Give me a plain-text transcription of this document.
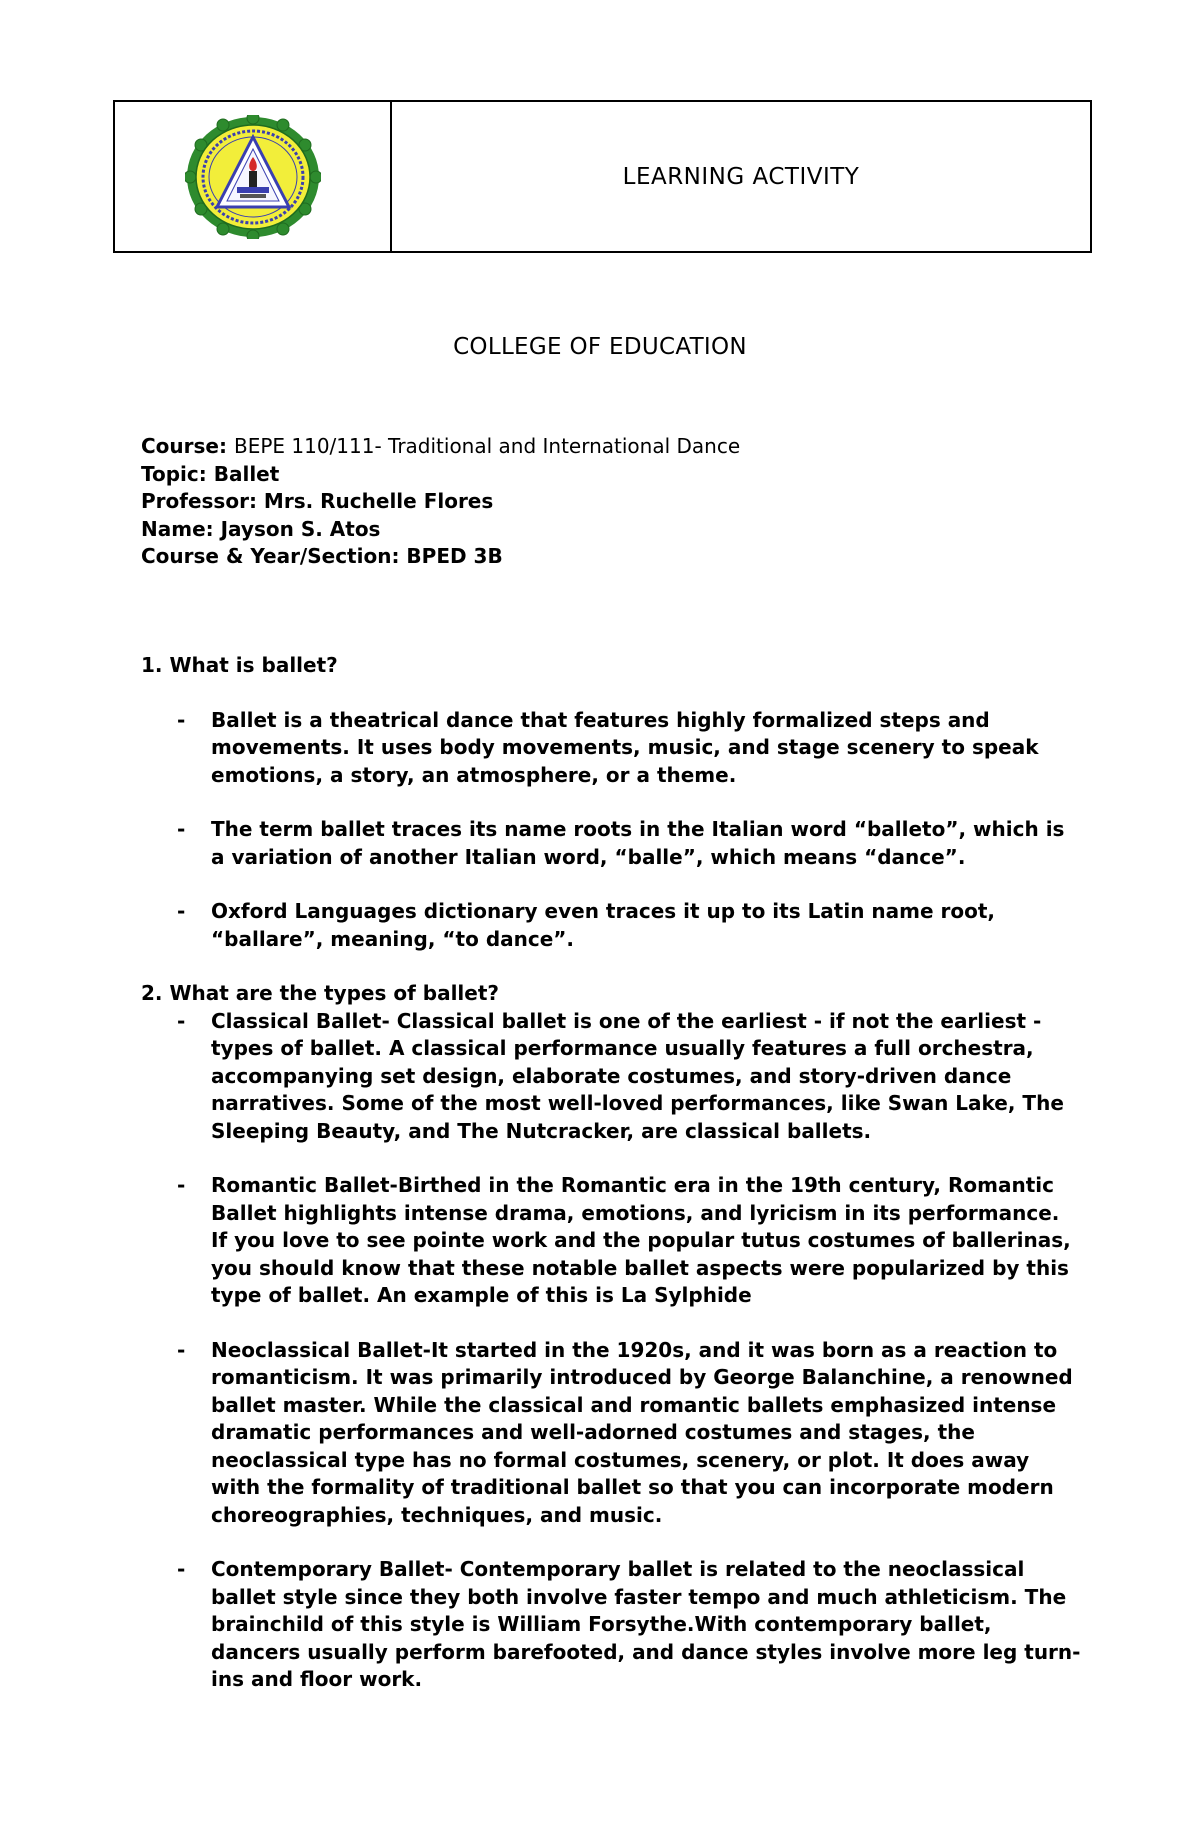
LEARNING ACTIVITY
COLLEGE OF EDUCATION
Course: BEPE 110/111- Traditional and International Dance
Topic: Ballet
Professor: Mrs. Ruchelle Flores
Name: Jayson S. Atos
Course & Year/Section: BPED 3B

1. What is ballet?

- Ballet is a theatrical dance that features highly formalized steps and movements. It uses body movements, music, and stage scenery to speak emotions, a story, an atmosphere, or a theme.
- The term ballet traces its name roots in the Italian word “balleto”, which is a variation of another Italian word, “balle”, which means “dance”.
- Oxford Languages dictionary even traces it up to its Latin name root, “ballare”, meaning, “to dance”.

2. What are the types of ballet?

- Classical Ballet- Classical ballet is one of the earliest - if not the earliest - types of ballet. A classical performance usually features a full orchestra, accompanying set design, elaborate costumes, and story-driven dance narratives. Some of the most well-loved performances, like Swan Lake, The Sleeping Beauty, and The Nutcracker, are classical ballets.
- Romantic Ballet-Birthed in the Romantic era in the 19th century, Romantic Ballet highlights intense drama, emotions, and lyricism in its performance. If you love to see pointe work and the popular tutus costumes of ballerinas, you should know that these notable ballet aspects were popularized by this type of ballet. An example of this is La Sylphide
- Neoclassical Ballet-It started in the 1920s, and it was born as a reaction to romanticism. It was primarily introduced by George Balanchine, a renowned ballet master. While the classical and romantic ballets emphasized intense dramatic performances and well-adorned costumes and stages, the neoclassical type has no formal costumes, scenery, or plot. It does away with the formality of traditional ballet so that you can incorporate modern choreographies, techniques, and music.
- Contemporary Ballet- Contemporary ballet is related to the neoclassical ballet style since they both involve faster tempo and much athleticism. The brainchild of this style is William Forsythe.With contemporary ballet, dancers usually perform barefooted, and dance styles involve more leg turn-ins and floor work.
